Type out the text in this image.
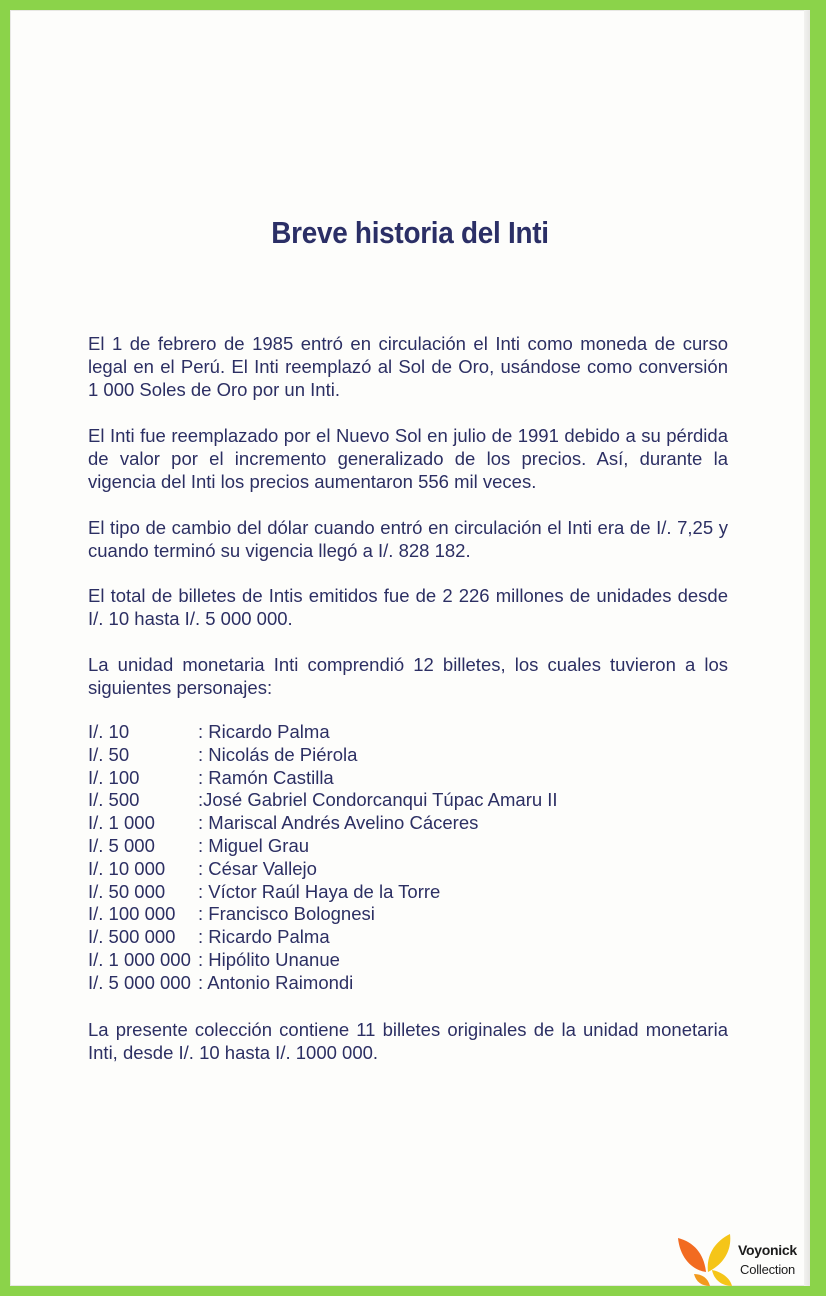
Breve historia del Inti

El 1 de febrero de 1985 entró en circulación el Inti como moneda de curso legal en el Perú. El Inti reemplazó al Sol de Oro, usándose como conversión 1 000 Soles de Oro por un Inti.

El Inti fue reemplazado por el Nuevo Sol en julio de 1991 debido a su pérdida de valor por el incremento generalizado de los precios. Así, durante la vigencia del Inti los precios aumentaron 556 mil veces.

El tipo de cambio del dólar cuando entró en circulación el Inti era de I/. 7,25 y cuando terminó su vigencia llegó a I/. 828 182.

El total de billetes de Intis emitidos fue de 2 226 millones de unidades desde I/. 10 hasta I/. 5 000 000.

La unidad monetaria Inti comprendió 12 billetes, los cuales tuvieron a los siguientes personajes:

I/. 10	: Ricardo Palma
I/. 50	: Nicolás de Piérola
I/. 100	: Ramón Castilla
I/. 500	:José Gabriel Condorcanqui Túpac Amaru II
I/. 1 000	: Mariscal Andrés Avelino Cáceres
I/. 5 000	: Miguel Grau
I/. 10 000	: César Vallejo
I/. 50 000	: Víctor Raúl Haya de la Torre
I/. 100 000	: Francisco Bolognesi
I/. 500 000	: Ricardo Palma
I/. 1 000 000 : Hipólito Unanue
I/. 5 000 000 : Antonio Raimondi

La presente colección contiene 11 billetes originales de la unidad monetaria Inti, desde I/. 10 hasta I/. 1000 000.

Voyonick
Collection
